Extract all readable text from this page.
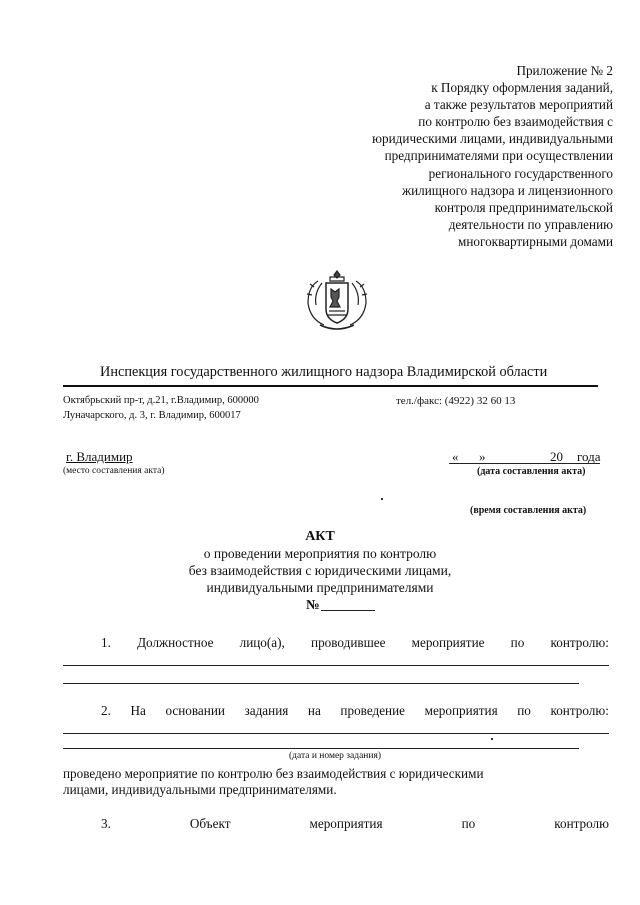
Приложение № 2
к Порядку оформления заданий,
а также результатов мероприятий
по контролю без взаимодействия с
юридическими лицами, индивидуальными
предпринимателями при осуществлении
регионального государственного
жилищного надзора и лицензионного
контроля предпринимательской
деятельности по управлению
многоквартирными домами
Инспекция государственного жилищного надзора Владимирской области
Октябрьский пр-т, д.21, г.Владимир, 600000
Луначарского, д. 3, г. Владимир, 600017
тел./факс: (4922) 32 60 13
г. Владимир
(место составления акта)
« »	20 года
(дата составления акта)
(время составления акта)
АКТ
о проведении мероприятия по контролю
без взаимодействия с юридическими лицами,
индивидуальными предпринимателями
№
1. Должностное лицо(а), проводившее мероприятие по контролю:
2. На основании задания на проведение мероприятия по контролю:
(дата и номер задания)
проведено мероприятие по контролю без взаимодействия с юридическими
лицами, индивидуальными предпринимателями.
3.	Объект	мероприятия	по	контролю
